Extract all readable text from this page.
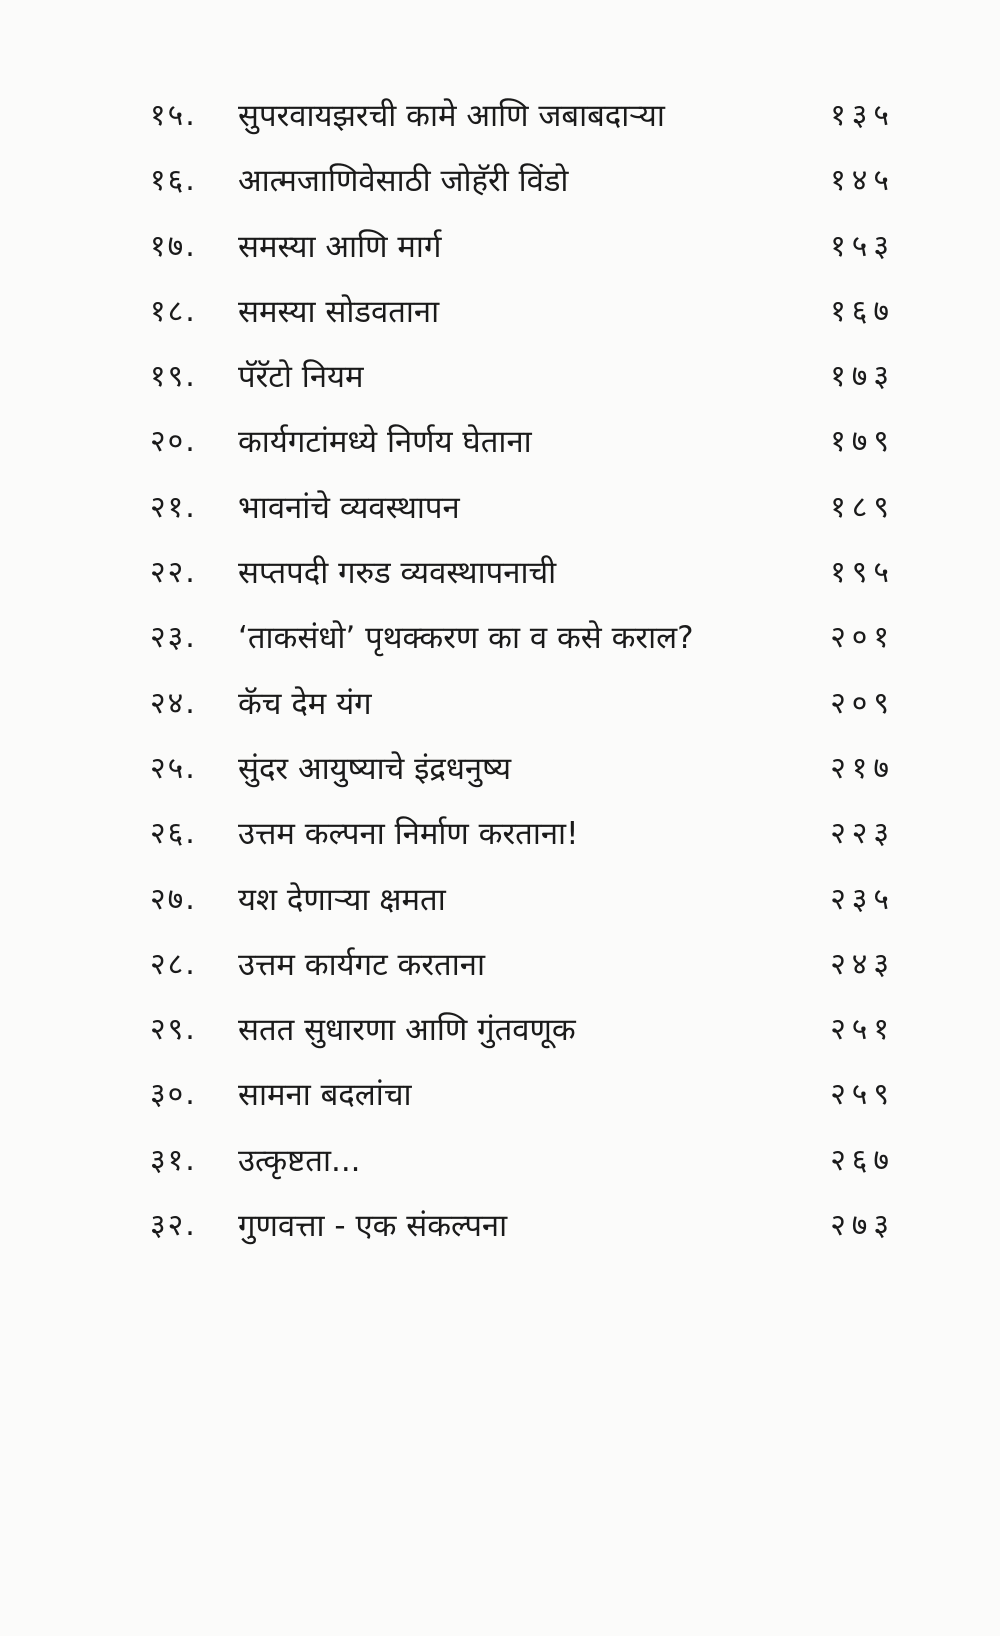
१५.	सुपरवायझरची कामे आणि जबाबदाऱ्या	१३५
१६.	आत्मजाणिवेसाठी जोहॅरी विंडो	१४५
१७.	समस्या आणि मार्ग	१५३
१८.	समस्या सोडवताना	१६७
१९.	पॅरॅटो नियम	१७३
२०.	कार्यगटांमध्ये निर्णय घेताना	१७९
२१.	भावनांचे व्यवस्थापन	१८९
२२.	सप्तपदी गरुड व्यवस्थापनाची	१९५
२३.	‘ताकसंधो’ पृथक्करण का व कसे कराल?	२०१
२४.	कॅच देम यंग	२०९
२५.	सुंदर आयुष्याचे इंद्रधनुष्य	२१७
२६.	उत्तम कल्पना निर्माण करताना!	२२३
२७.	यश देणाऱ्या क्षमता	२३५
२८.	उत्तम कार्यगट करताना	२४३
२९.	सतत सुधारणा आणि गुंतवणूक	२५१
३०.	सामना बदलांचा	२५९
३१.	उत्कृष्टता...	२६७
३२.	गुणवत्ता - एक संकल्पना	२७३
